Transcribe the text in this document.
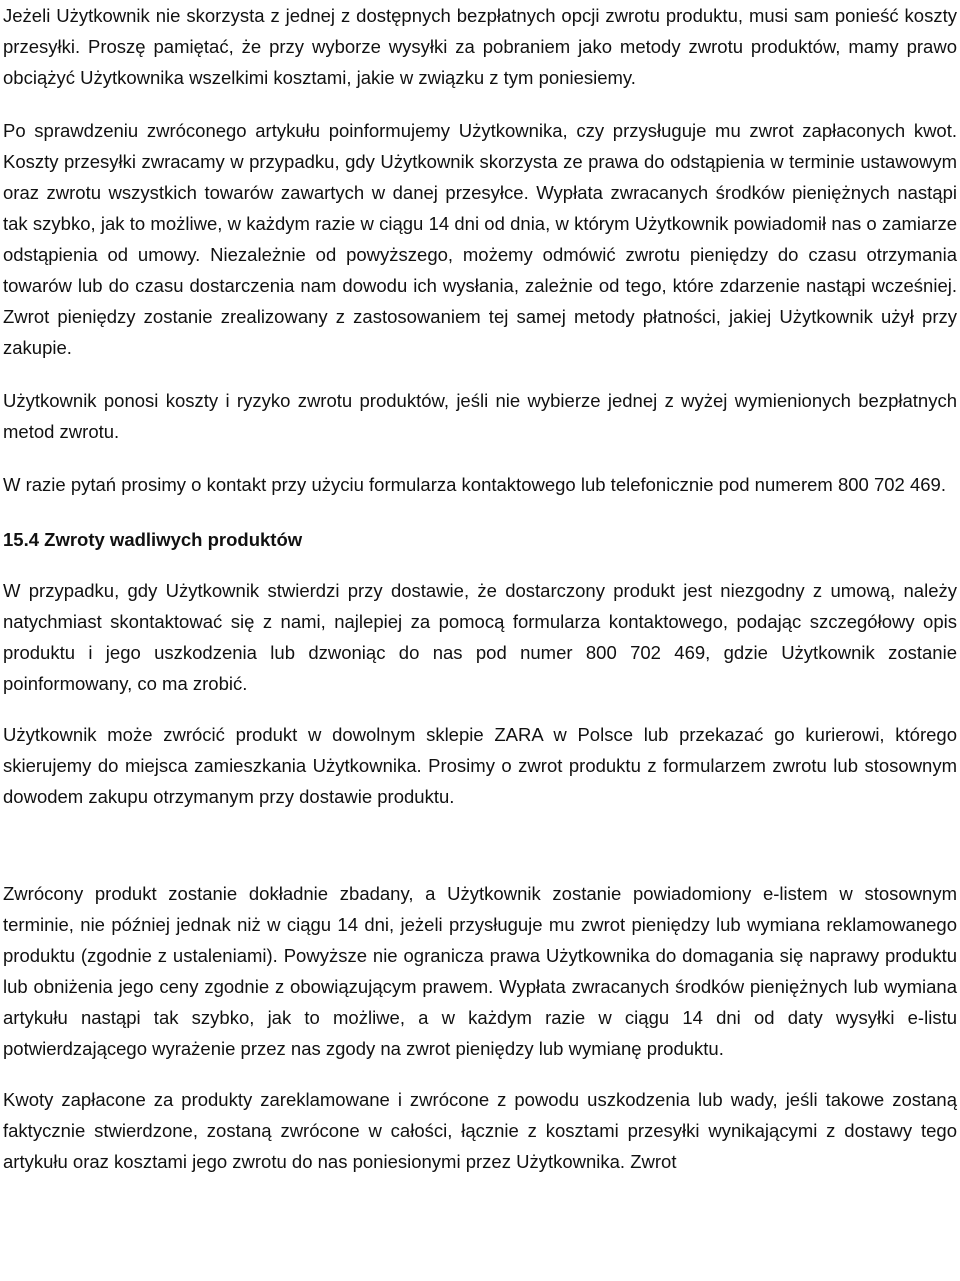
Jeżeli Użytkownik nie skorzysta z jednej z dostępnych bezpłatnych opcji zwrotu produktu, musi sam ponieść koszty przesyłki. Proszę pamiętać, że przy wyborze wysyłki za pobraniem jako metody zwrotu produktów, mamy prawo obciążyć Użytkownika wszelkimi kosztami, jakie w związku z tym poniesiemy.

Po sprawdzeniu zwróconego artykułu poinformujemy Użytkownika, czy przysługuje mu zwrot zapłaconych kwot. Koszty przesyłki zwracamy w przypadku, gdy Użytkownik skorzysta ze prawa do odstąpienia w terminie ustawowym oraz zwrotu wszystkich towarów zawartych w danej przesyłce. Wypłata zwracanych środków pieniężnych nastąpi tak szybko, jak to możliwe, w każdym razie w ciągu 14 dni od dnia, w którym Użytkownik powiadomił nas o zamiarze odstąpienia od umowy. Niezależnie od powyższego, możemy odmówić zwrotu pieniędzy do czasu otrzymania towarów lub do czasu dostarczenia nam dowodu ich wysłania, zależnie od tego, które zdarzenie nastąpi wcześniej. Zwrot pieniędzy zostanie zrealizowany z zastosowaniem tej samej metody płatności, jakiej Użytkownik użył przy zakupie.

Użytkownik ponosi koszty i ryzyko zwrotu produktów, jeśli nie wybierze jednej z wyżej wymienionych bezpłatnych metod zwrotu.

W razie pytań prosimy o kontakt przy użyciu formularza kontaktowego lub telefonicznie pod numerem 800 702 469.

15.4 Zwroty wadliwych produktów

W przypadku, gdy Użytkownik stwierdzi przy dostawie, że dostarczony produkt jest niezgodny z umową, należy natychmiast skontaktować się z nami, najlepiej za pomocą formularza kontaktowego, podając szczegółowy opis produktu i jego uszkodzenia lub dzwoniąc do nas pod numer 800 702 469, gdzie Użytkownik zostanie poinformowany, co ma zrobić.

Użytkownik może zwrócić produkt w dowolnym sklepie ZARA w Polsce lub przekazać go kurierowi, którego skierujemy do miejsca zamieszkania Użytkownika. Prosimy o zwrot produktu z formularzem zwrotu lub stosownym dowodem zakupu otrzymanym przy dostawie produktu.

Zwrócony produkt zostanie dokładnie zbadany, a Użytkownik zostanie powiadomiony e-listem w stosownym terminie, nie później jednak niż w ciągu 14 dni, jeżeli przysługuje mu zwrot pieniędzy lub wymiana reklamowanego produktu (zgodnie z ustaleniami). Powyższe nie ogranicza prawa Użytkownika do domagania się naprawy produktu lub obniżenia jego ceny zgodnie z obowiązującym prawem. Wypłata zwracanych środków pieniężnych lub wymiana artykułu nastąpi tak szybko, jak to możliwe, a w każdym razie w ciągu 14 dni od daty wysyłki e-listu potwierdzającego wyrażenie przez nas zgody na zwrot pieniędzy lub wymianę produktu.

Kwoty zapłacone za produkty zareklamowane i zwrócone z powodu uszkodzenia lub wady, jeśli takowe zostaną faktycznie stwierdzone, zostaną zwrócone w całości, łącznie z kosztami przesyłki wynikającymi z dostawy tego artykułu oraz kosztami jego zwrotu do nas poniesionymi przez Użytkownika. Zwrot
